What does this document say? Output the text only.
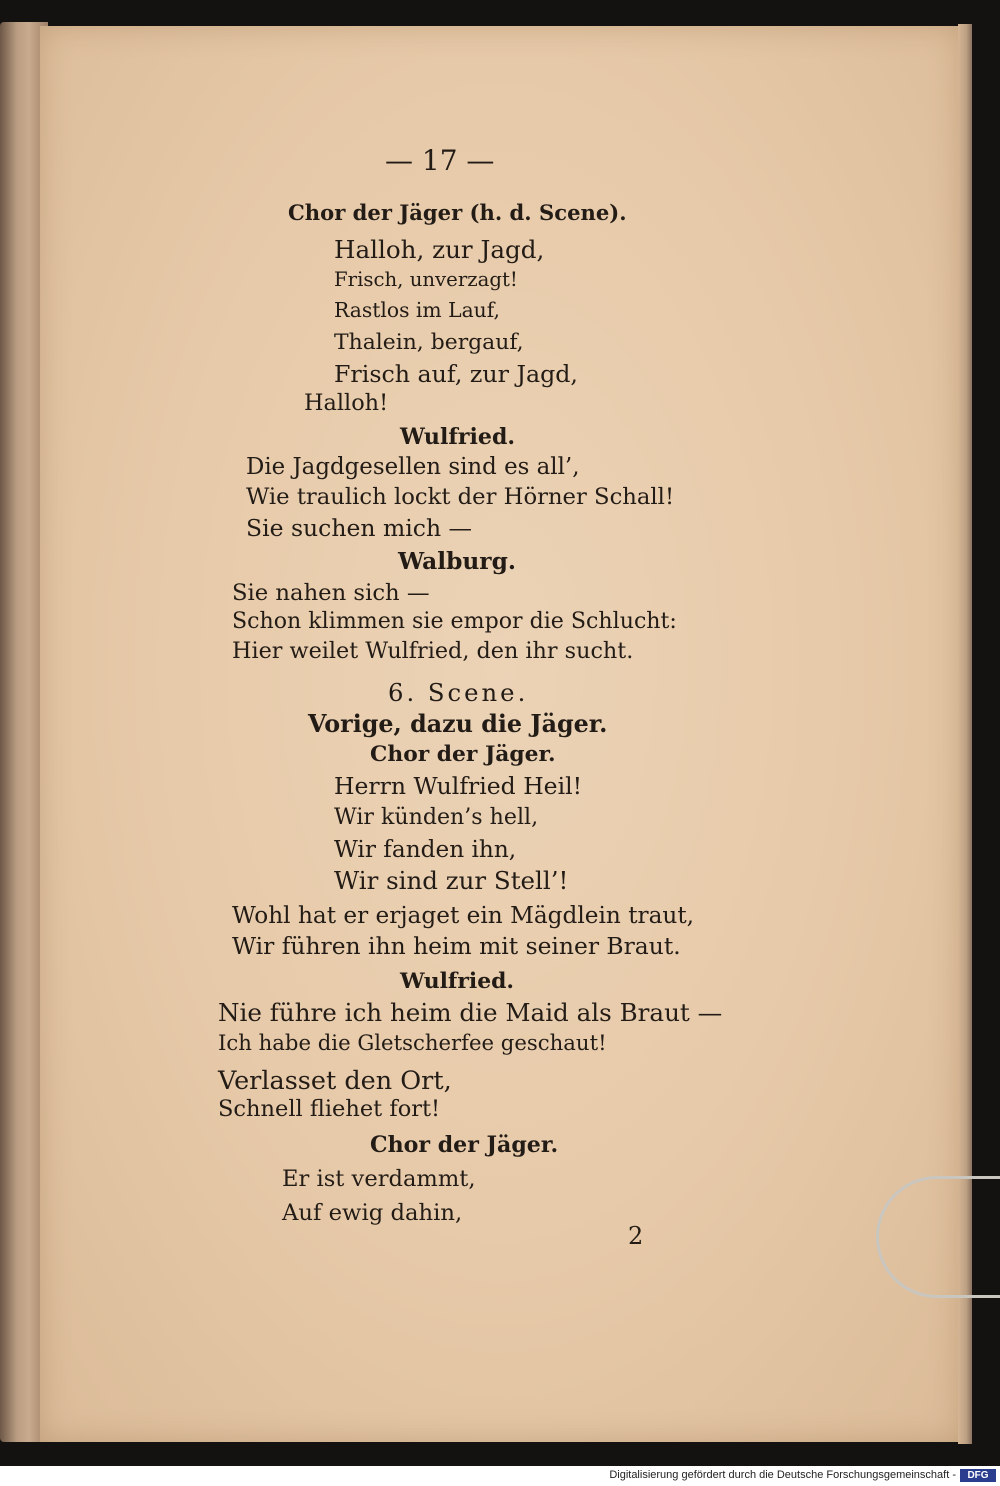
— 17 —
Chor der Jäger (h. d. Scene).
Halloh, zur Jagd,
Frisch, unverzagt!
Rastlos im Lauf,
Thalein, bergauf,
Frisch auf, zur Jagd,
Halloh!
Wulfried.
Die Jagdgesellen sind es all’,
Wie traulich lockt der Hörner Schall!
Sie suchen mich —
Walburg.
Sie nahen sich —
Schon klimmen sie empor die Schlucht:
Hier weilet Wulfried, den ihr sucht.
6. Scene.
Vorige, dazu die Jäger.
Chor der Jäger.
Herrn Wulfried Heil!
Wir künden’s hell,
Wir fanden ihn,
Wir sind zur Stell’!
Wohl hat er erjaget ein Mägdlein traut,
Wir führen ihn heim mit seiner Braut.
Wulfried.
Nie führe ich heim die Maid als Braut —
Ich habe die Gletscherfee geschaut!
Verlasset den Ort,
Schnell fliehet fort!
Chor der Jäger.
Er ist verdammt,
Auf ewig dahin,
2
Digitalisierung gefördert durch die Deutsche Forschungsgemeinschaft -	DFG
